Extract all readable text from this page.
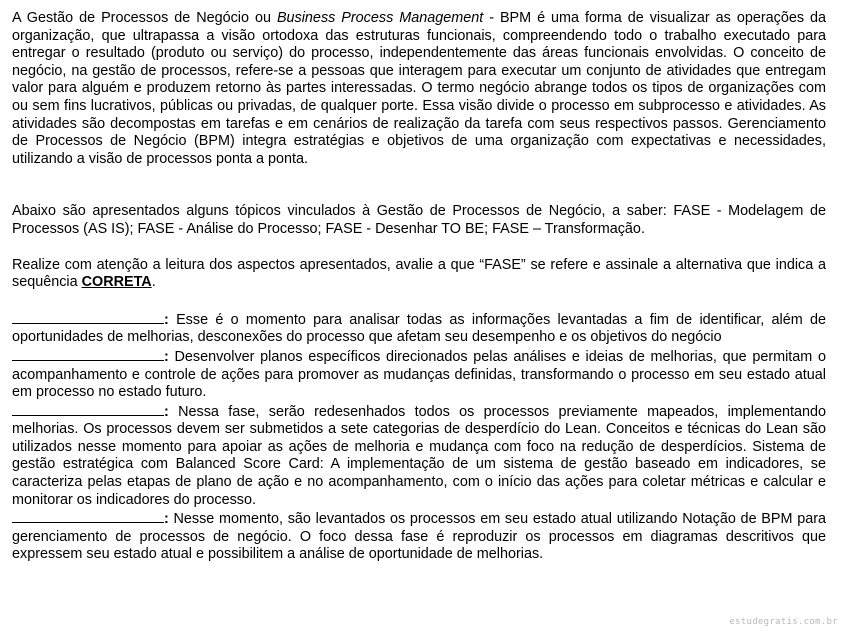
A Gestão de Processos de Negócio ou Business Process Management - BPM é uma forma de visualizar as operações da organização, que ultrapassa a visão ortodoxa das estruturas funcionais, compreendendo todo o trabalho executado para entregar o resultado (produto ou serviço) do processo, independentemente das áreas funcionais envolvidas. O conceito de negócio, na gestão de processos, refere-se a pessoas que interagem para executar um conjunto de atividades que entregam valor para alguém e produzem retorno às partes interessadas. O termo negócio abrange todos os tipos de organizações com ou sem fins lucrativos, públicas ou privadas, de qualquer porte. Essa visão divide o processo em subprocesso e atividades. As atividades são decompostas em tarefas e em cenários de realização da tarefa com seus respectivos passos. Gerenciamento de Processos de Negócio (BPM) integra estratégias e objetivos de uma organização com expectativas e necessidades, utilizando a visão de processos ponta a ponta.

Abaixo são apresentados alguns tópicos vinculados à Gestão de Processos de Negócio, a saber: FASE - Modelagem de Processos (AS IS); FASE - Análise do Processo; FASE - Desenhar TO BE; FASE – Transformação.

Realize com atenção a leitura dos aspectos apresentados, avalie a que “FASE” se refere e assinale a alternativa que indica a sequência CORRETA.

: Esse é o momento para analisar todas as informações levantadas a fim de identificar, além de oportunidades de melhorias, desconexões do processo que afetam seu desempenho e os objetivos do negócio

: Desenvolver planos específicos direcionados pelas análises e ideias de melhorias, que permitam o acompanhamento e controle de ações para promover as mudanças definidas, transformando o processo em seu estado atual em processo no estado futuro.

: Nessa fase, serão redesenhados todos os processos previamente mapeados, implementando melhorias. Os processos devem ser submetidos a sete categorias de desperdício do Lean. Conceitos e técnicas do Lean são utilizados nesse momento para apoiar as ações de melhoria e mudança com foco na redução de desperdícios. Sistema de gestão estratégica com Balanced Score Card: A implementação de um sistema de gestão baseado em indicadores, se caracteriza pelas etapas de plano de ação e no acompanhamento, com o início das ações para coletar métricas e calcular e monitorar os indicadores do processo.

: Nesse momento, são levantados os processos em seu estado atual utilizando Notação de BPM para gerenciamento de processos de negócio. O foco dessa fase é reproduzir os processos em diagramas descritivos que expressem seu estado atual e possibilitem a análise de oportunidade de melhorias.

estudegratis.com.br
